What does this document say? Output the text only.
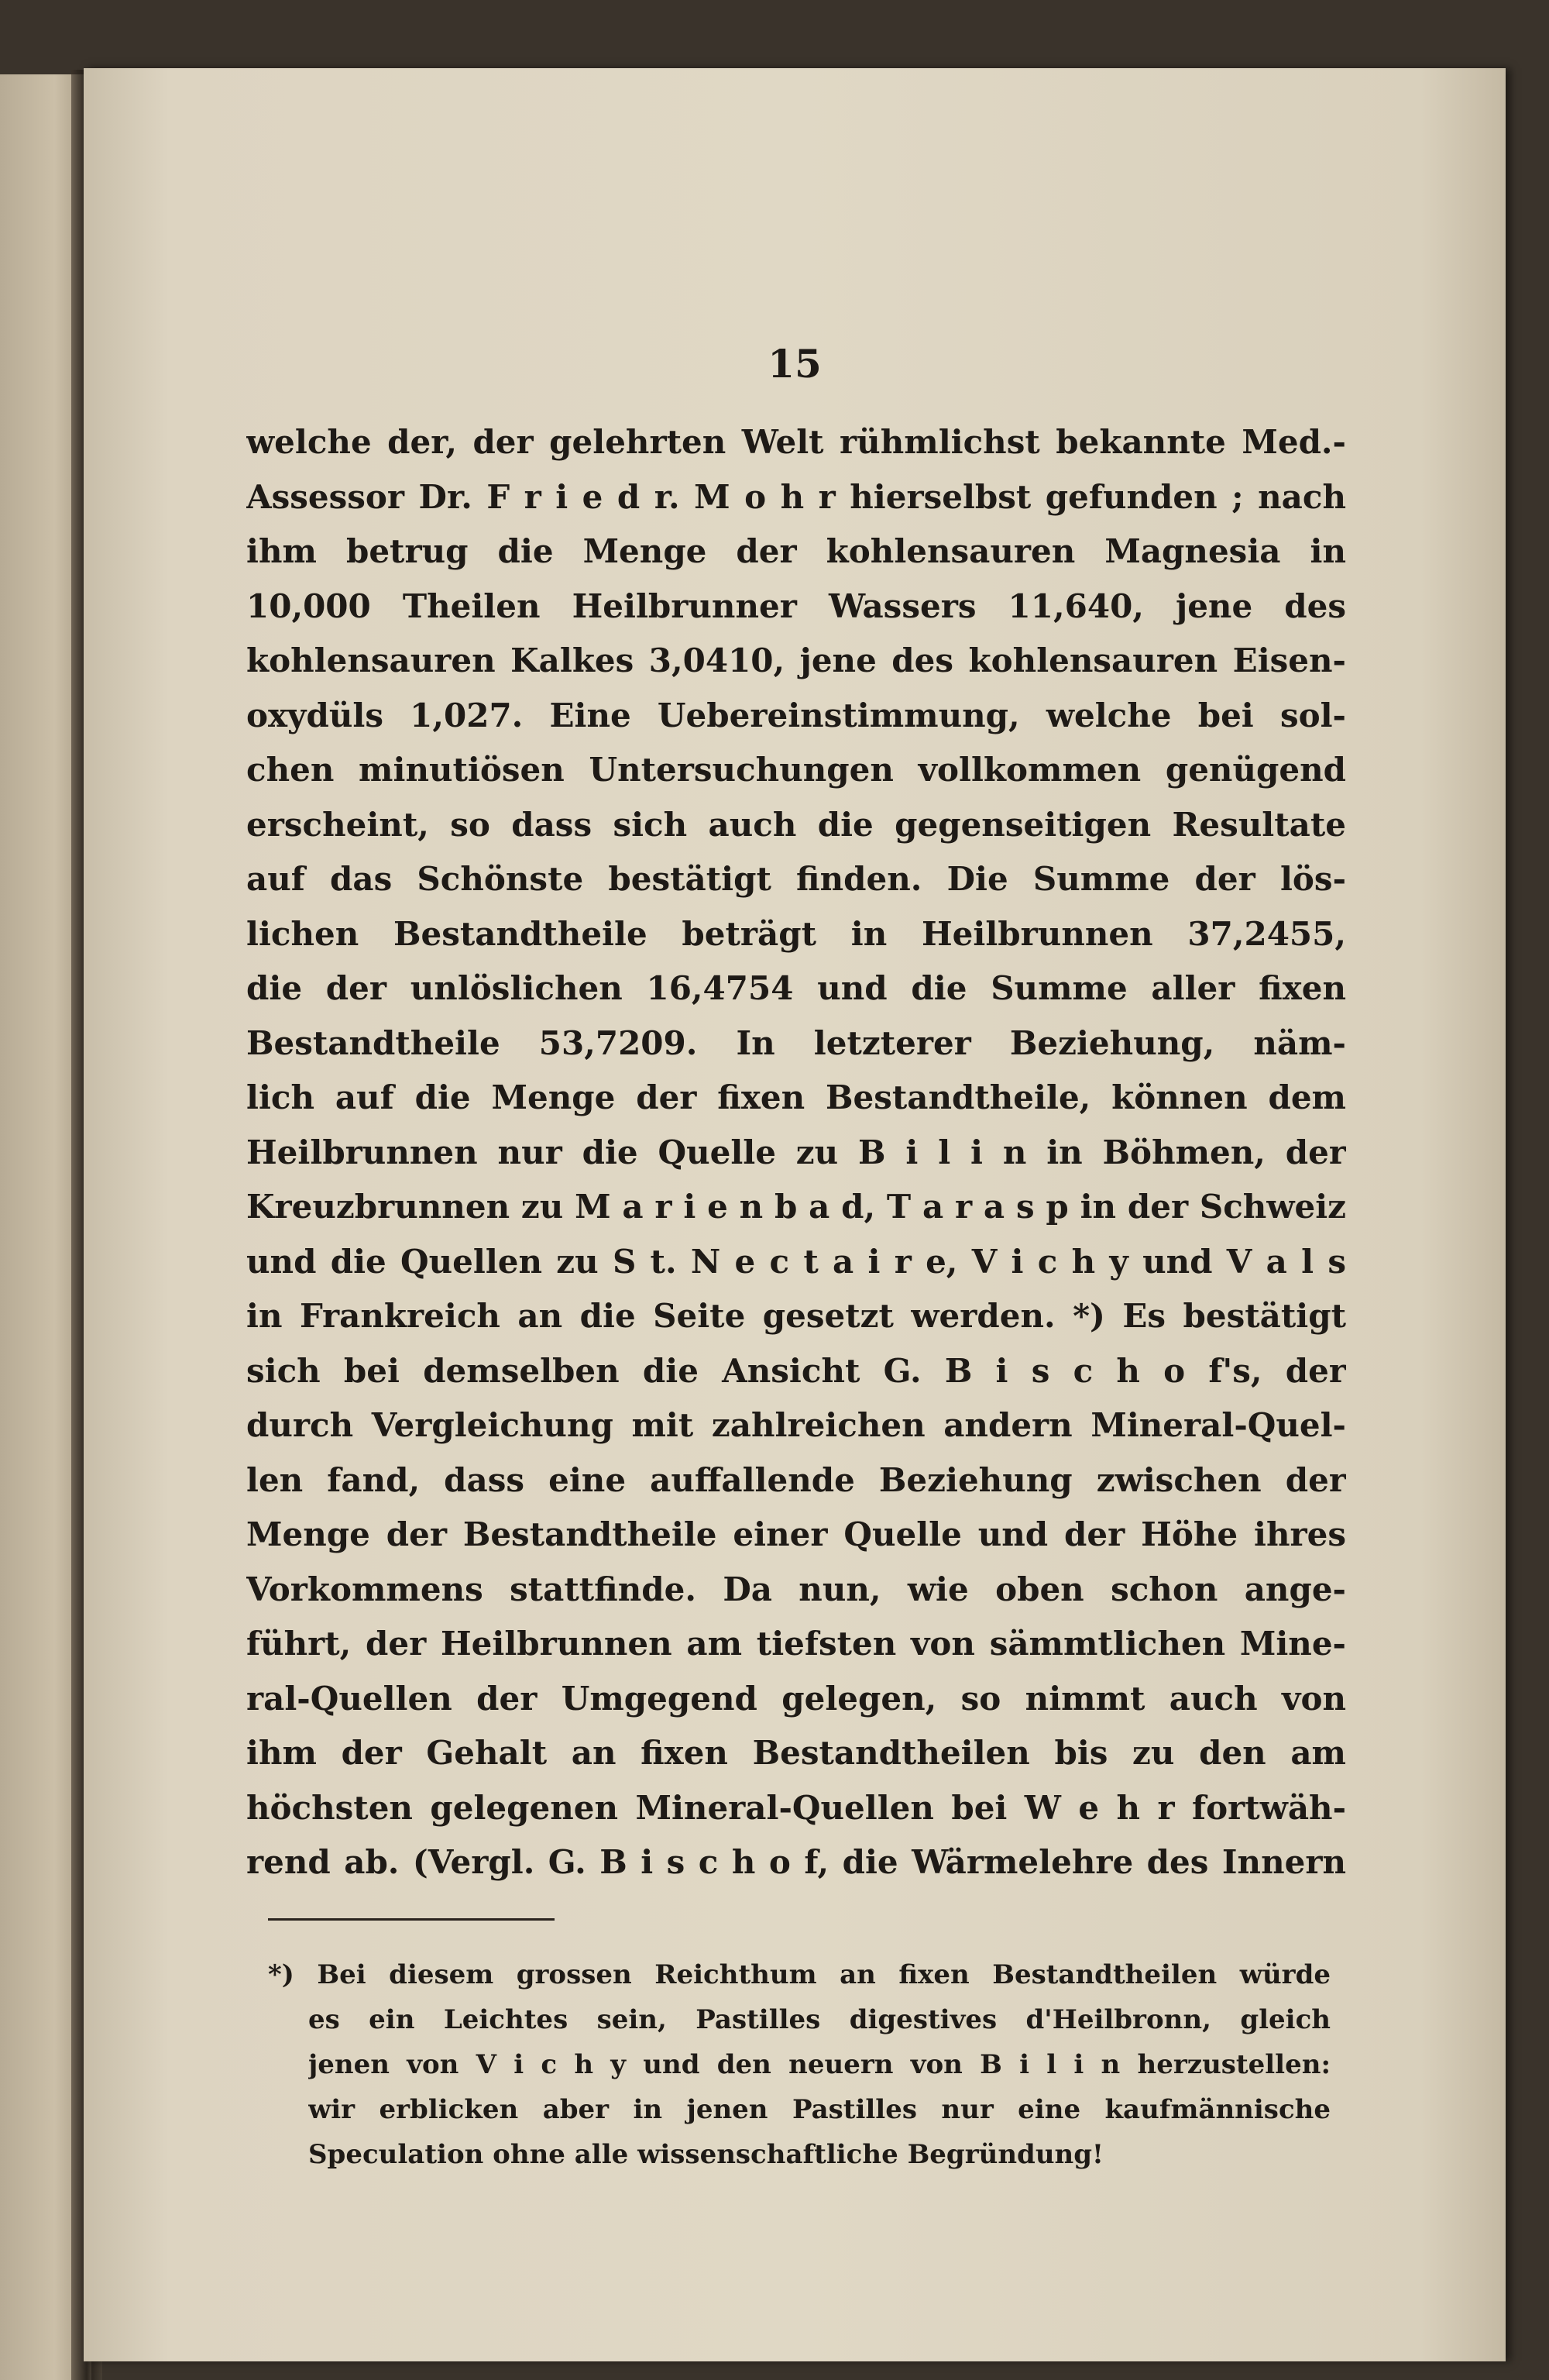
15
welche der, der gelehrten Welt rühmlichst bekannte Med.-
Assessor Dr. F r i e d r. M o h r hierselbst gefunden ; nach
ihm betrug die Menge der kohlensauren Magnesia in
10,000 Theilen Heilbrunner Wassers 11,640, jene des
kohlensauren Kalkes 3,0410, jene des kohlensauren Eisen-
oxydüls 1,027. Eine Uebereinstimmung, welche bei sol-
chen minutiösen Untersuchungen vollkommen genügend
erscheint, so dass sich auch die gegenseitigen Resultate
auf das Schönste bestätigt finden. Die Summe der lös-
lichen Bestandtheile beträgt in Heilbrunnen 37,2455,
die der unlöslichen 16,4754 und die Summe aller fixen
Bestandtheile 53,7209. In letzterer Beziehung, näm-
lich auf die Menge der fixen Bestandtheile, können dem
Heilbrunnen nur die Quelle zu B i l i n in Böhmen, der
Kreuzbrunnen zu M a r i e n b a d, T a r a s p in der Schweiz
und die Quellen zu S t. N e c t a i r e, V i c h y und V a l s
in Frankreich an die Seite gesetzt werden. *) Es bestätigt
sich bei demselben die Ansicht G. B i s c h o f's, der
durch Vergleichung mit zahlreichen andern Mineral-Quel-
len fand, dass eine auffallende Beziehung zwischen der
Menge der Bestandtheile einer Quelle und der Höhe ihres
Vorkommens stattfinde. Da nun, wie oben schon ange-
führt, der Heilbrunnen am tiefsten von sämmtlichen Mine-
ral-Quellen der Umgegend gelegen, so nimmt auch von
ihm der Gehalt an fixen Bestandtheilen bis zu den am
höchsten gelegenen Mineral-Quellen bei W e h r fortwäh-
rend ab. (Vergl. G. B i s c h o f, die Wärmelehre des Innern
*) Bei diesem grossen Reichthum an fixen Bestandtheilen würde
es ein Leichtes sein, Pastilles digestives d'Heilbronn, gleich
jenen von V i c h y und den neuern von B i l i n herzustellen:
wir erblicken aber in jenen Pastilles nur eine kaufmännische
Speculation ohne alle wissenschaftliche Begründung!
